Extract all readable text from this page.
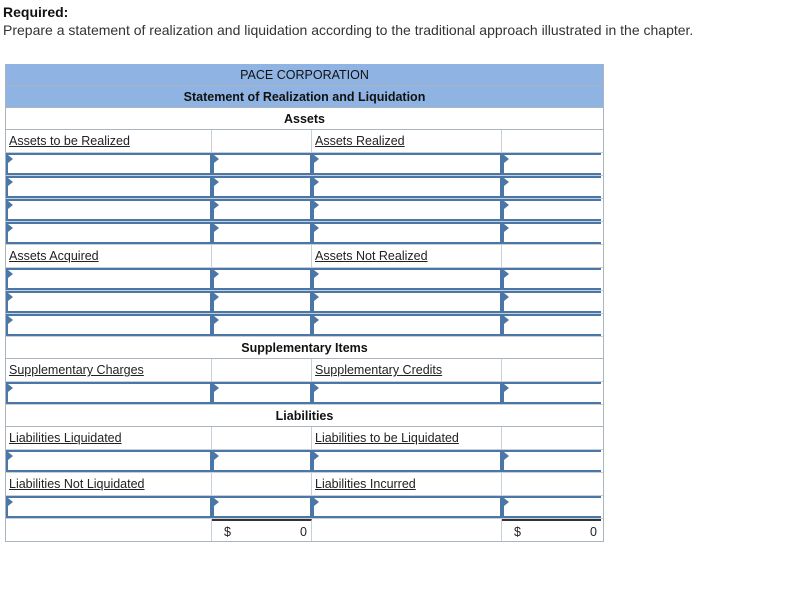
Required:
Prepare a statement of realization and liquidation according to the traditional approach illustrated in the chapter.
PACE CORPORATION
Statement of Realization and Liquidation
Assets
Assets to be Realized	Assets Realized
Assets Acquired	Assets Not Realized
Supplementary Items
Supplementary Charges	Supplementary Credits
Liabilities
Liabilities Liquidated	Liabilities to be Liquidated
Liabilities Not Liquidated	Liabilities Incurred
$	0	$	0
